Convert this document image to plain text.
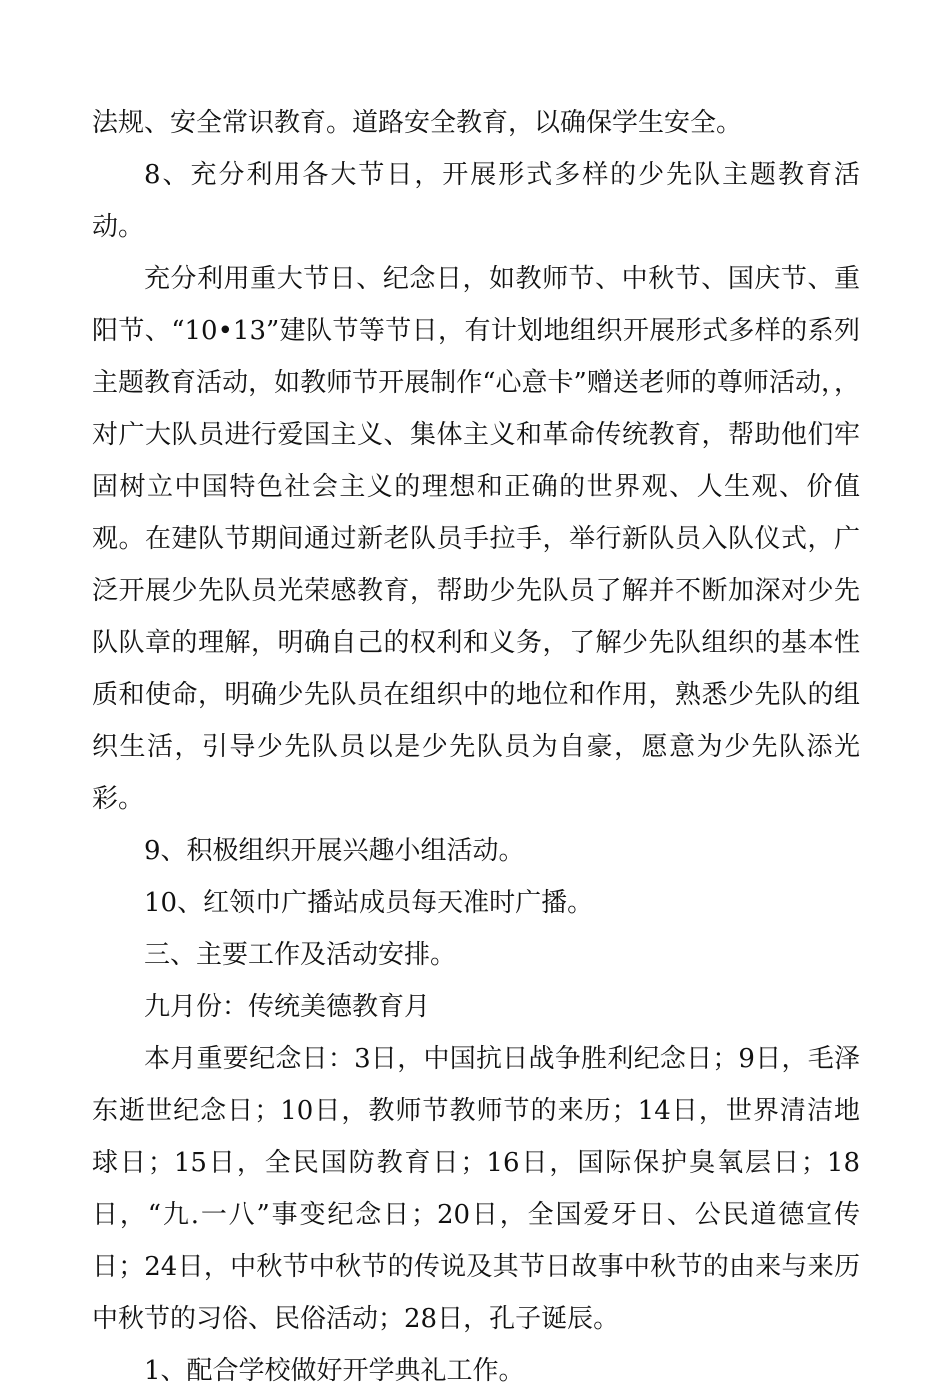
法规、安全常识教育。道路安全教育，以确保学生安全。

8、充分利用各大节日，开展形式多样的少先队主题教育活动。

充分利用重大节日、纪念日，如教师节、中秋节、国庆节、重阳节、“10•13”建队节等节日，有计划地组织开展形式多样的系列主题教育活动，如教师节开展制作“心意卡”赠送老师的尊师活动，，对广大队员进行爱国主义、集体主义和革命传统教育，帮助他们牢固树立中国特色社会主义的理想和正确的世界观、人生观、价值观。在建队节期间通过新老队员手拉手，举行新队员入队仪式，广泛开展少先队员光荣感教育，帮助少先队员了解并不断加深对少先队队章的理解，明确自己的权利和义务，了解少先队组织的基本性质和使命，明确少先队员在组织中的地位和作用，熟悉少先队的组织生活，引导少先队员以是少先队员为自豪，愿意为少先队添光彩。

9、积极组织开展兴趣小组活动。

10、红领巾广播站成员每天准时广播。

三、主要工作及活动安排。

九月份：传统美德教育月

本月重要纪念日：3日，中国抗日战争胜利纪念日；9日，毛泽东逝世纪念日；10日，教师节教师节的来历；14日，世界清洁地球日；15日，全民国防教育日；16日，国际保护臭氧层日；18日，“九.一八”事变纪念日；20日，全国爱牙日、公民道德宣传日；24日，中秋节中秋节的传说及其节日故事中秋节的由来与来历中秋节的习俗、民俗活动；28日，孔子诞辰。

1、配合学校做好开学典礼工作。
